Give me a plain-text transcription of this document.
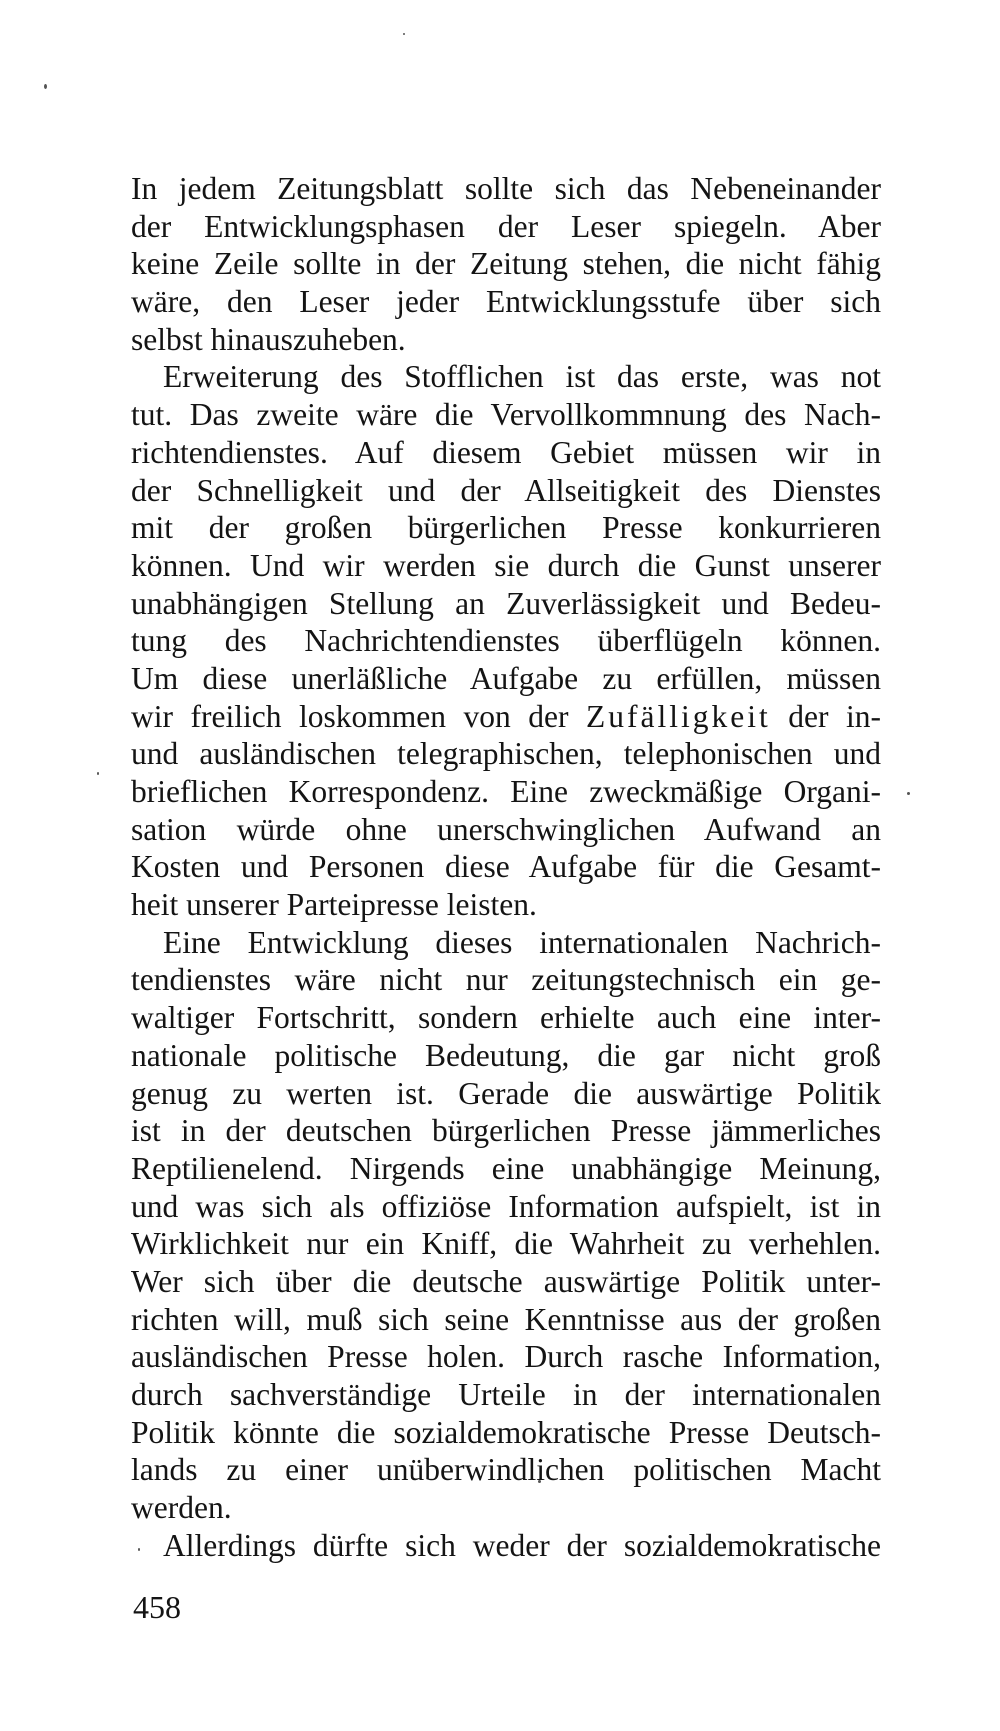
In jedem Zeitungsblatt sollte sich das Nebeneinander
der Entwicklungsphasen der Leser spiegeln. Aber
keine Zeile sollte in der Zeitung stehen, die nicht fähig
wäre, den Leser jeder Entwicklungsstufe über sich
selbst hinauszuheben.
Erweiterung des Stofflichen ist das erste, was not
tut. Das zweite wäre die Vervollkommnung des Nach-
richtendienstes. Auf diesem Gebiet müssen wir in
der Schnelligkeit und der Allseitigkeit des Dienstes
mit der großen bürgerlichen Presse konkurrieren
können. Und wir werden sie durch die Gunst unserer
unabhängigen Stellung an Zuverlässigkeit und Bedeu-
tung des Nachrichtendienstes überflügeln können.
Um diese unerläßliche Aufgabe zu erfüllen, müssen
wir freilich loskommen von der Zufälligkeit der in-
und ausländischen telegraphischen, telephonischen und
brieflichen Korrespondenz. Eine zweckmäßige Organi-
sation würde ohne unerschwinglichen Aufwand an
Kosten und Personen diese Aufgabe für die Gesamt-
heit unserer Parteipresse leisten.
Eine Entwicklung dieses internationalen Nachrich-
tendienstes wäre nicht nur zeitungstechnisch ein ge-
waltiger Fortschritt, sondern erhielte auch eine inter-
nationale politische Bedeutung, die gar nicht groß
genug zu werten ist. Gerade die auswärtige Politik
ist in der deutschen bürgerlichen Presse jämmerliches
Reptilienelend. Nirgends eine unabhängige Meinung,
und was sich als offiziöse Information aufspielt, ist in
Wirklichkeit nur ein Kniff, die Wahrheit zu verhehlen.
Wer sich über die deutsche auswärtige Politik unter-
richten will, muß sich seine Kenntnisse aus der großen
ausländischen Presse holen. Durch rasche Information,
durch sachverständige Urteile in der internationalen
Politik könnte die sozialdemokratische Presse Deutsch-
lands zu einer unüberwindlichen politischen Macht
werden.
Allerdings dürfte sich weder der sozialdemokratische
458
